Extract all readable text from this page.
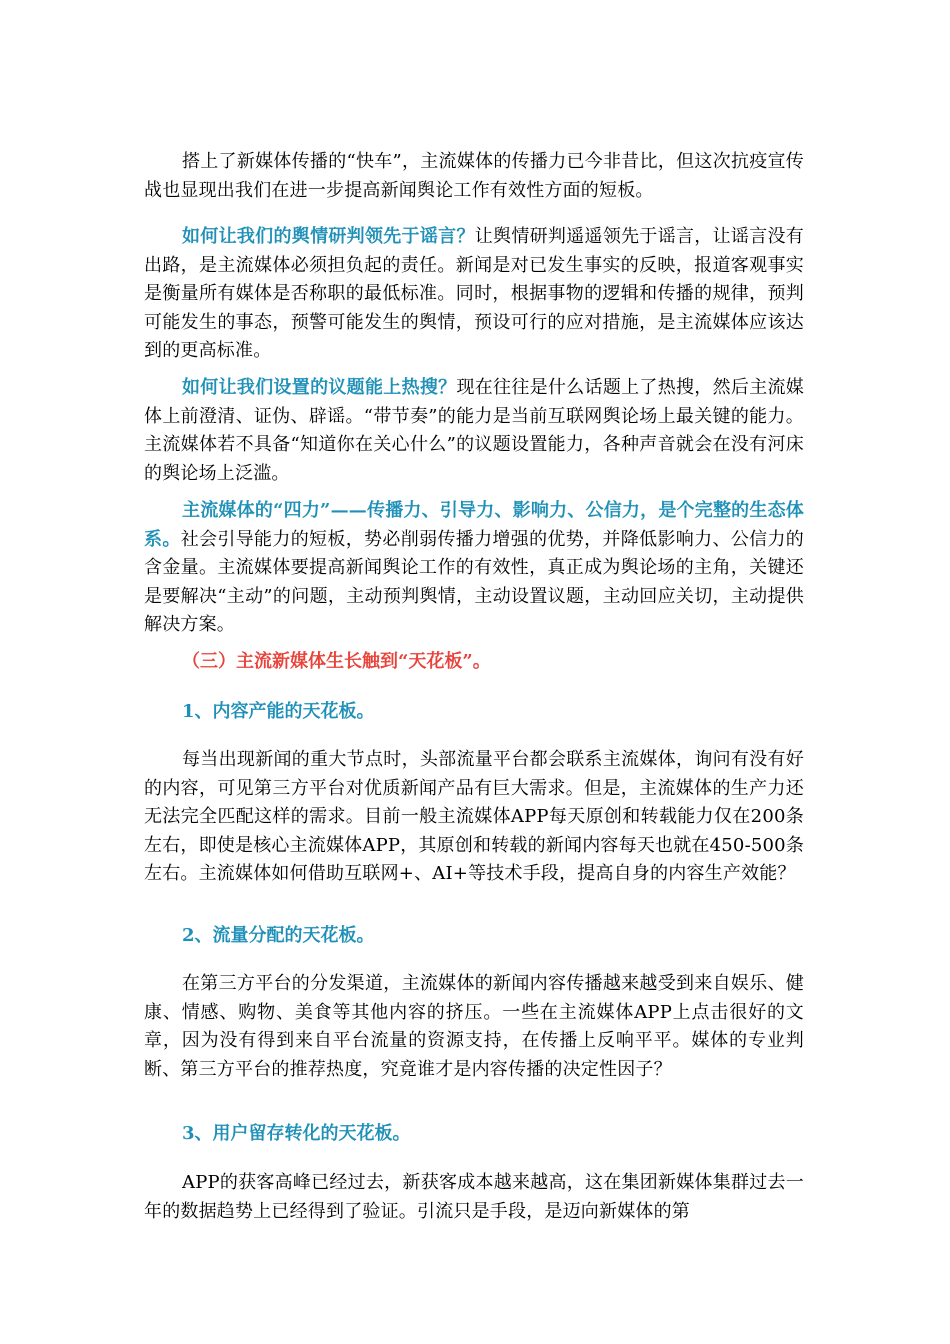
搭上了新媒体传播的“快车”，主流媒体的传播力已今非昔比，但这次抗疫宣传战也显现出我们在进一步提高新闻舆论工作有效性方面的短板。

如何让我们的舆情研判领先于谣言？让舆情研判遥遥领先于谣言，让谣言没有出路，是主流媒体必须担负起的责任。新闻是对已发生事实的反映，报道客观事实是衡量所有媒体是否称职的最低标准。同时，根据事物的逻辑和传播的规律，预判可能发生的事态，预警可能发生的舆情，预设可行的应对措施，是主流媒体应该达到的更高标准。

如何让我们设置的议题能上热搜？现在往往是什么话题上了热搜，然后主流媒体上前澄清、证伪、辟谣。“带节奏”的能力是当前互联网舆论场上最关键的能力。主流媒体若不具备“知道你在关心什么”的议题设置能力，各种声音就会在没有河床的舆论场上泛滥。

主流媒体的“四力”——传播力、引导力、影响力、公信力，是个完整的生态体系。社会引导能力的短板，势必削弱传播力增强的优势，并降低影响力、公信力的含金量。主流媒体要提高新闻舆论工作的有效性，真正成为舆论场的主角，关键还是要解决“主动”的问题，主动预判舆情，主动设置议题，主动回应关切，主动提供解决方案。

（三）主流新媒体生长触到“天花板”。

1、内容产能的天花板。

每当出现新闻的重大节点时，头部流量平台都会联系主流媒体，询问有没有好的内容，可见第三方平台对优质新闻产品有巨大需求。但是，主流媒体的生产力还无法完全匹配这样的需求。目前一般主流媒体APP每天原创和转载能力仅在200条左右，即使是核心主流媒体APP，其原创和转载的新闻内容每天也就在450-500条左右。主流媒体如何借助互联网+、AI+等技术手段，提高自身的内容生产效能？

2、流量分配的天花板。

在第三方平台的分发渠道，主流媒体的新闻内容传播越来越受到来自娱乐、健康、情感、购物、美食等其他内容的挤压。一些在主流媒体APP上点击很好的文章，因为没有得到来自平台流量的资源支持，在传播上反响平平。媒体的专业判断、第三方平台的推荐热度，究竟谁才是内容传播的决定性因子？

3、用户留存转化的天花板。

APP的获客高峰已经过去，新获客成本越来越高，这在集团新媒体集群过去一年的数据趋势上已经得到了验证。引流只是手段，是迈向新媒体的第
